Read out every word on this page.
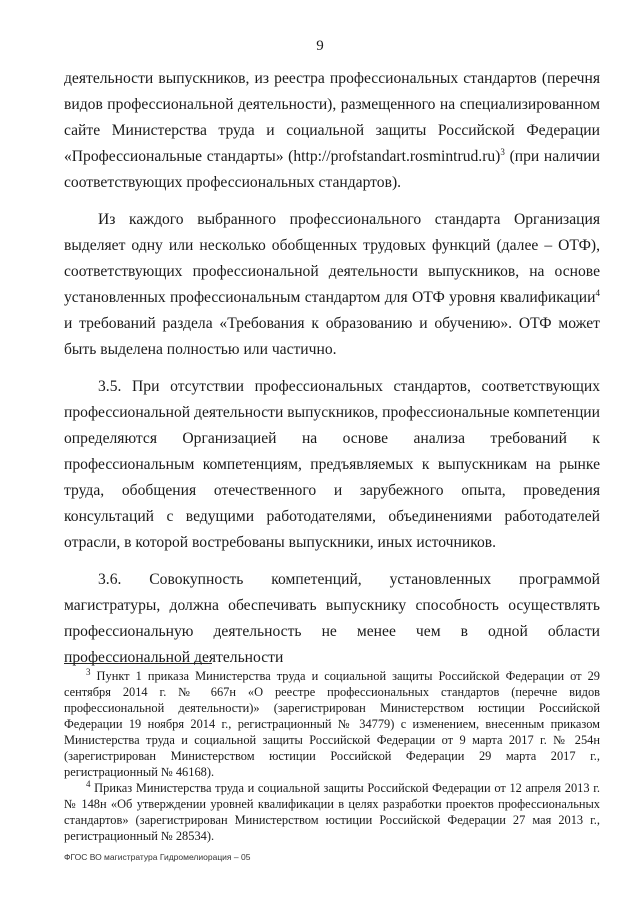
9

деятельности выпускников, из реестра профессиональных стандартов (перечня видов профессиональной деятельности), размещенного на специализированном сайте Министерства труда и социальной защиты Российской Федерации «Профессиональные стандарты» (http://profstandart.rosmintrud.ru)$^3$ (при наличии соответствующих профессиональных стандартов).

Из каждого выбранного профессионального стандарта Организация выделяет одну или несколько обобщенных трудовых функций (далее – ОТФ), соответствующих профессиональной деятельности выпускников, на основе установленных профессиональным стандартом для ОТФ уровня квалификации$^4$ и требований раздела «Требования к образованию и обучению». ОТФ может быть выделена полностью или частично.

3.5. При отсутствии профессиональных стандартов, соответствующих профессиональной деятельности выпускников, профессиональные компетенции определяются Организацией на основе анализа требований к профессиональным компетенциям, предъявляемых к выпускникам на рынке труда, обобщения отечественного и зарубежного опыта, проведения консультаций с ведущими работодателями, объединениями работодателей отрасли, в которой востребованы выпускники, иных источников.

3.6. Совокупность компетенций, установленных программой магистратуры, должна обеспечивать выпускнику способность осуществлять профессиональную деятельность не менее чем в одной области профессиональной деятельности

$^3$ Пункт 1 приказа Министерства труда и социальной защиты Российской Федерации от 29 сентября 2014 г. № 667н «О реестре профессиональных стандартов (перечне видов профессиональной деятельности)» (зарегистрирован Министерством юстиции Российской Федерации 19 ноября 2014 г., регистрационный № 34779) с изменением, внесенным приказом Министерства труда и социальной защиты Российской Федерации от 9 марта 2017 г. № 254н (зарегистрирован Министерством юстиции Российской Федерации 29 марта 2017 г., регистрационный № 46168).

$^4$ Приказ Министерства труда и социальной защиты Российской Федерации от 12 апреля 2013 г. № 148н «Об утверждении уровней квалификации в целях разработки проектов профессиональных стандартов» (зарегистрирован Министерством юстиции Российской Федерации 27 мая 2013 г., регистрационный № 28534).

ФГОС ВО магистратура Гидромелиорация – 05
